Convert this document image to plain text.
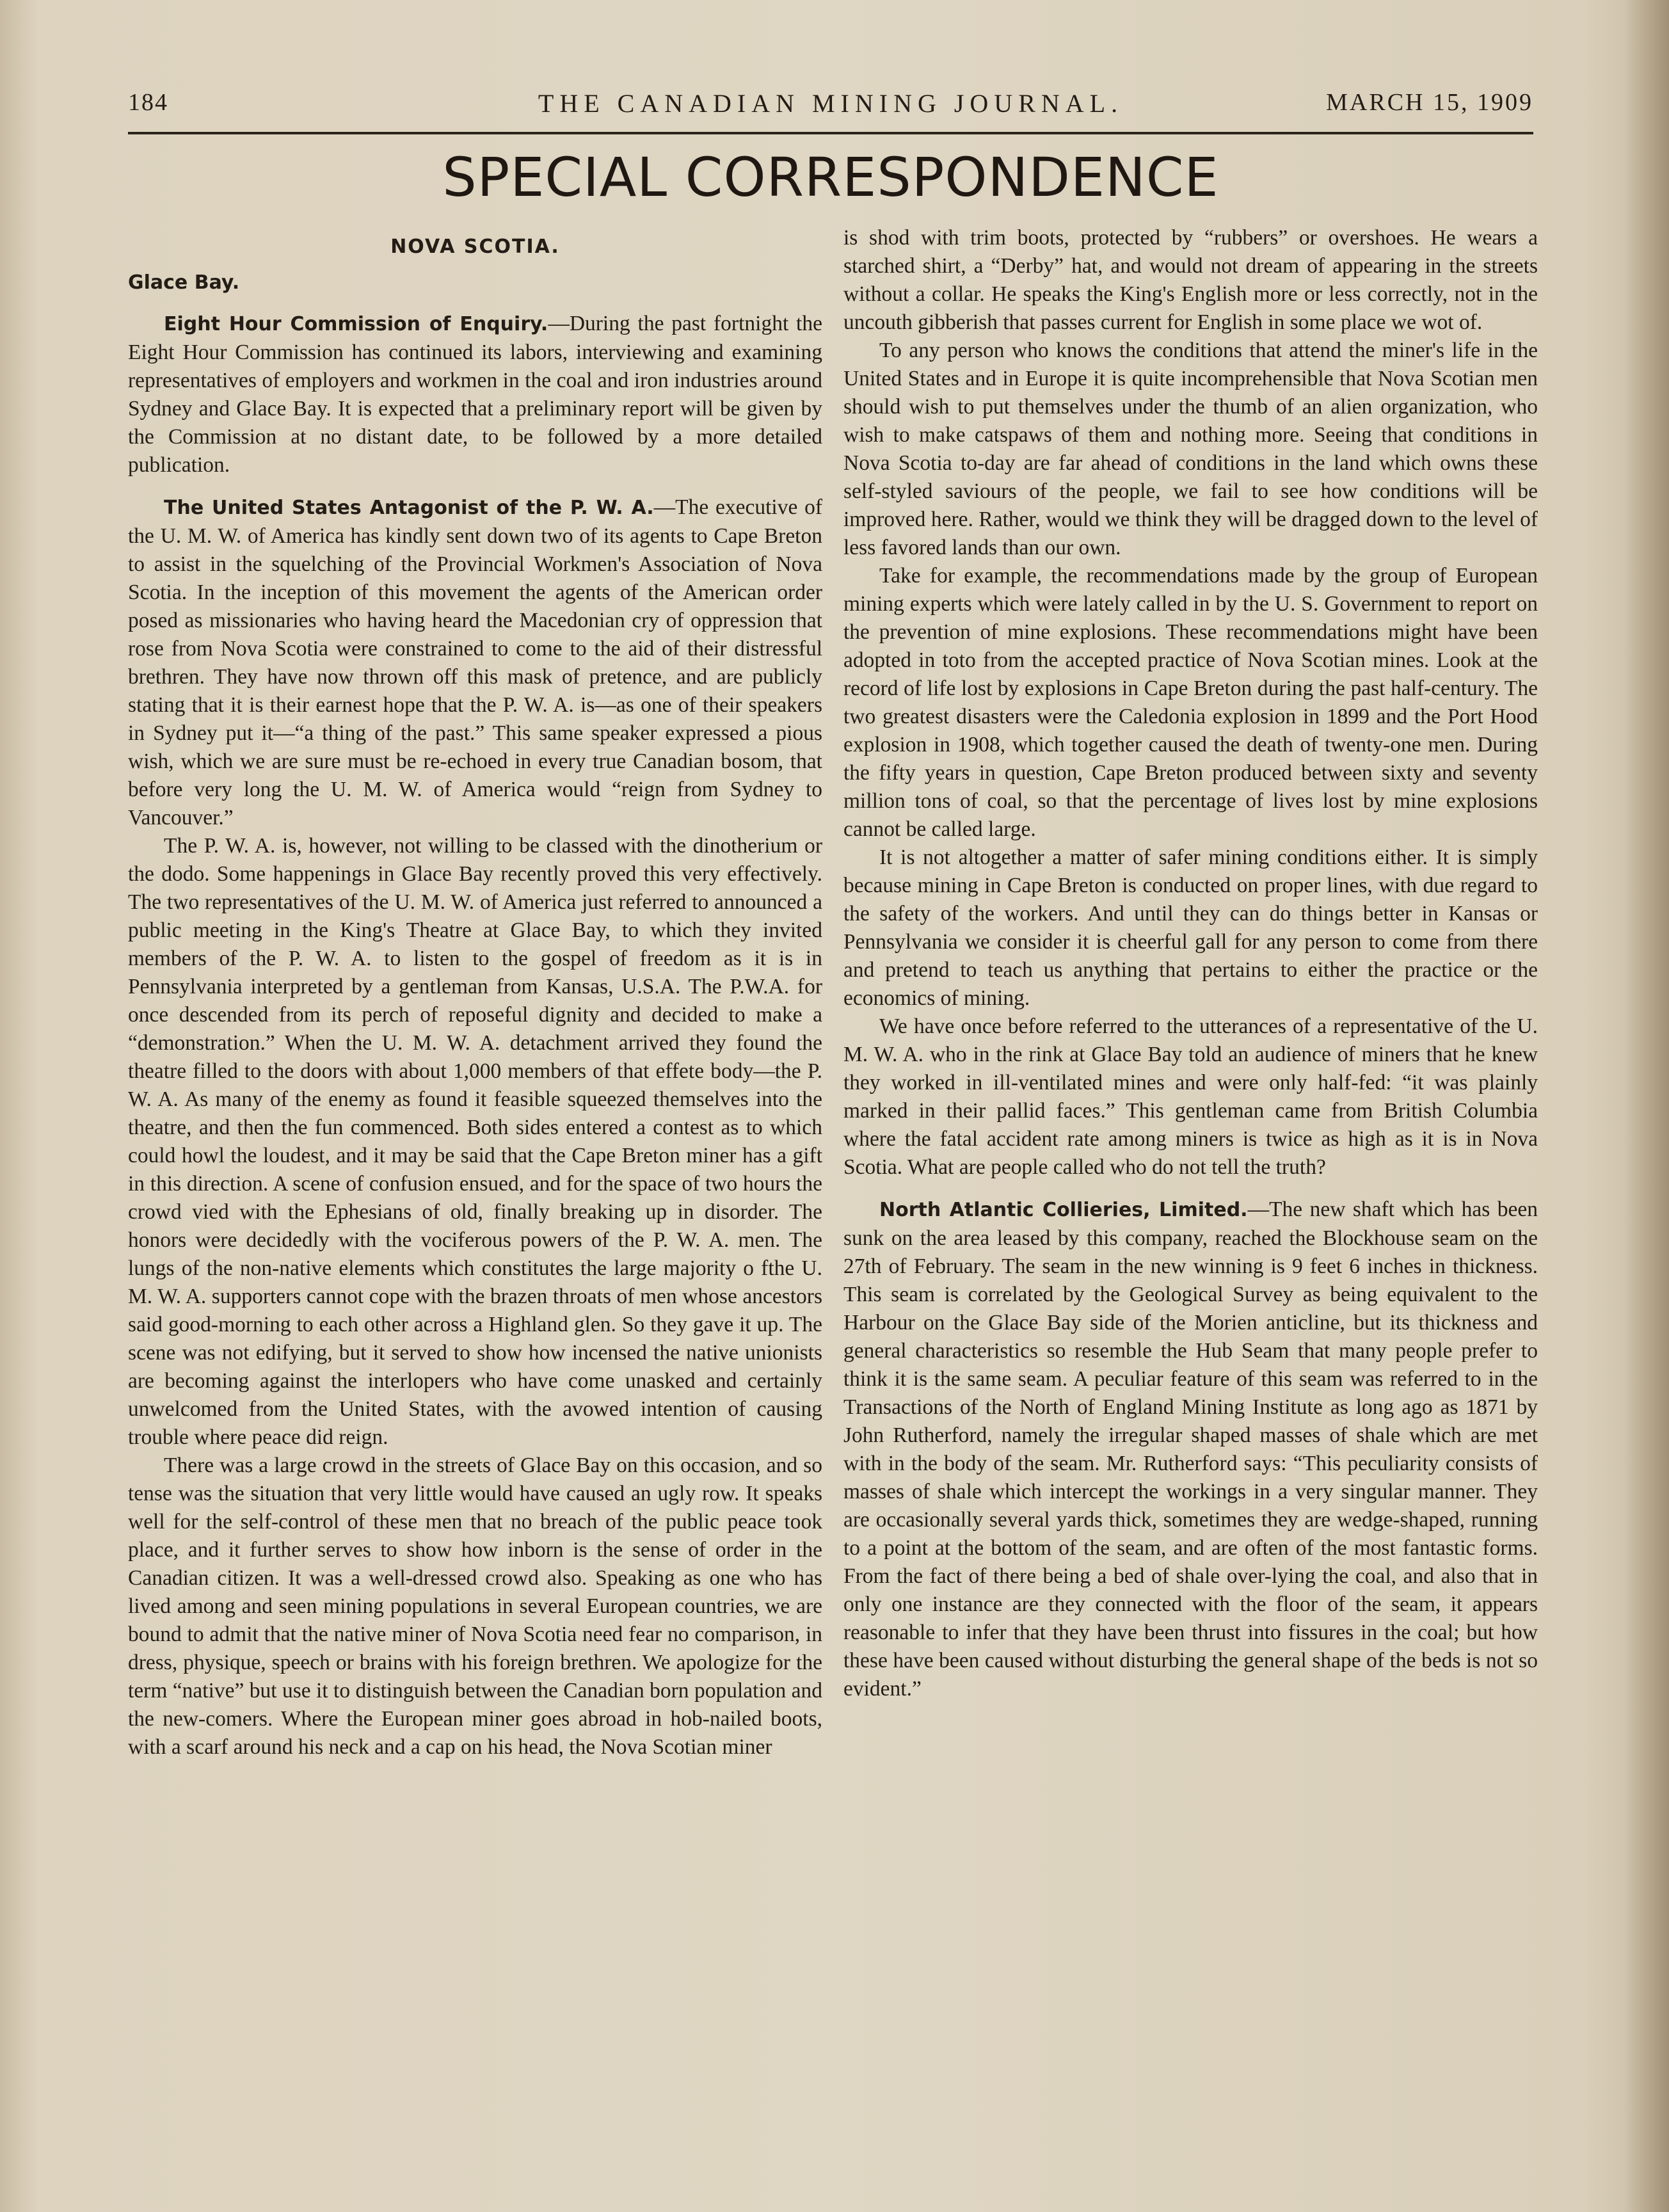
184	THE CANADIAN MINING JOURNAL.	MARCH 15, 1909
SPECIAL CORRESPONDENCE
NOVA SCOTIA.
Glace Bay.

Eight Hour Commission of Enquiry.—During the past fortnight the Eight Hour Commission has continued its labors, interviewing and examining representatives of employers and workmen in the coal and iron industries around Sydney and Glace Bay. It is expected that a preliminary report will be given by the Commission at no distant date, to be followed by a more detailed publication.

The United States Antagonist of the P. W. A.—The executive of the U. M. W. of America has kindly sent down two of its agents to Cape Breton to assist in the squelching of the Provincial Workmen's Association of Nova Scotia. In the inception of this movement the agents of the American order posed as missionaries who having heard the Macedonian cry of oppression that rose from Nova Scotia were constrained to come to the aid of their distressful brethren. They have now thrown off this mask of pretence, and are publicly stating that it is their earnest hope that the P. W. A. is—as one of their speakers in Sydney put it—“a thing of the past.” This same speaker expressed a pious wish, which we are sure must be re-echoed in every true Canadian bosom, that before very long the U. M. W. of America would “reign from Sydney to Vancouver.”

The P. W. A. is, however, not willing to be classed with the dinotherium or the dodo. Some happenings in Glace Bay recently proved this very effectively. The two representatives of the U. M. W. of America just referred to announced a public meeting in the King's Theatre at Glace Bay, to which they invited members of the P. W. A. to listen to the gospel of freedom as it is in Pennsylvania interpreted by a gentleman from Kansas, U.S.A. The P.W.A. for once descended from its perch of reposeful dignity and decided to make a “demonstration.” When the U. M. W. A. detachment arrived they found the theatre filled to the doors with about 1,000 members of that effete body—the P. W. A. As many of the enemy as found it feasible squeezed themselves into the theatre, and then the fun commenced. Both sides entered a contest as to which could howl the loudest, and it may be said that the Cape Breton miner has a gift in this direction. A scene of confusion ensued, and for the space of two hours the crowd vied with the Ephesians of old, finally breaking up in disorder. The honors were decidedly with the vociferous powers of the P. W. A. men. The lungs of the non-native elements which constitutes the large majority o fthe U. M. W. A. supporters cannot cope with the brazen throats of men whose ancestors said good-morning to each other across a Highland glen. So they gave it up. The scene was not edifying, but it served to show how incensed the native unionists are becoming against the interlopers who have come unasked and certainly unwelcomed from the United States, with the avowed intention of causing trouble where peace did reign.

There was a large crowd in the streets of Glace Bay on this occasion, and so tense was the situation that very little would have caused an ugly row. It speaks well for the self-control of these men that no breach of the public peace took place, and it further serves to show how inborn is the sense of order in the Canadian citizen. It was a well-dressed crowd also. Speaking as one who has lived among and seen mining populations in several European countries, we are bound to admit that the native miner of Nova Scotia need fear no comparison, in dress, physique, speech or brains with his foreign brethren. We apologize for the term “native” but use it to distinguish between the Canadian born population and the new-comers. Where the European miner goes abroad in hob-nailed boots, with a scarf around his neck and a cap on his head, the Nova Scotian miner

is shod with trim boots, protected by “rubbers” or overshoes. He wears a starched shirt, a “Derby” hat, and would not dream of appearing in the streets without a collar. He speaks the King's English more or less correctly, not in the uncouth gibberish that passes current for English in some place we wot of.

To any person who knows the conditions that attend the miner's life in the United States and in Europe it is quite incomprehensible that Nova Scotian men should wish to put themselves under the thumb of an alien organization, who wish to make catspaws of them and nothing more. Seeing that conditions in Nova Scotia to-day are far ahead of conditions in the land which owns these self-styled saviours of the people, we fail to see how conditions will be improved here. Rather, would we think they will be dragged down to the level of less favored lands than our own.

Take for example, the recommendations made by the group of European mining experts which were lately called in by the U. S. Government to report on the prevention of mine explosions. These recommendations might have been adopted in toto from the accepted practice of Nova Scotian mines. Look at the record of life lost by explosions in Cape Breton during the past half-century. The two greatest disasters were the Caledonia explosion in 1899 and the Port Hood explosion in 1908, which together caused the death of twenty-one men. During the fifty years in question, Cape Breton produced between sixty and seventy million tons of coal, so that the percentage of lives lost by mine explosions cannot be called large.

It is not altogether a matter of safer mining conditions either. It is simply because mining in Cape Breton is conducted on proper lines, with due regard to the safety of the workers. And until they can do things better in Kansas or Pennsylvania we consider it is cheerful gall for any person to come from there and pretend to teach us anything that pertains to either the practice or the economics of mining.

We have once before referred to the utterances of a representative of the U. M. W. A. who in the rink at Glace Bay told an audience of miners that he knew they worked in ill-ventilated mines and were only half-fed: “it was plainly marked in their pallid faces.” This gentleman came from British Columbia where the fatal accident rate among miners is twice as high as it is in Nova Scotia. What are people called who do not tell the truth?

North Atlantic Collieries, Limited.—The new shaft which has been sunk on the area leased by this company, reached the Blockhouse seam on the 27th of February. The seam in the new winning is 9 feet 6 inches in thickness. This seam is correlated by the Geological Survey as being equivalent to the Harbour on the Glace Bay side of the Morien anticline, but its thickness and general characteristics so resemble the Hub Seam that many people prefer to think it is the same seam. A peculiar feature of this seam was referred to in the Transactions of the North of England Mining Institute as long ago as 1871 by John Rutherford, namely the irregular shaped masses of shale which are met with in the body of the seam. Mr. Rutherford says: “This peculiarity consists of masses of shale which intercept the workings in a very singular manner. They are occasionally several yards thick, sometimes they are wedge-shaped, running to a point at the bottom of the seam, and are often of the most fantastic forms. From the fact of there being a bed of shale over-lying the coal, and also that in only one instance are they connected with the floor of the seam, it appears reasonable to infer that they have been thrust into fissures in the coal; but how these have been caused without disturbing the general shape of the beds is not so evident.”
